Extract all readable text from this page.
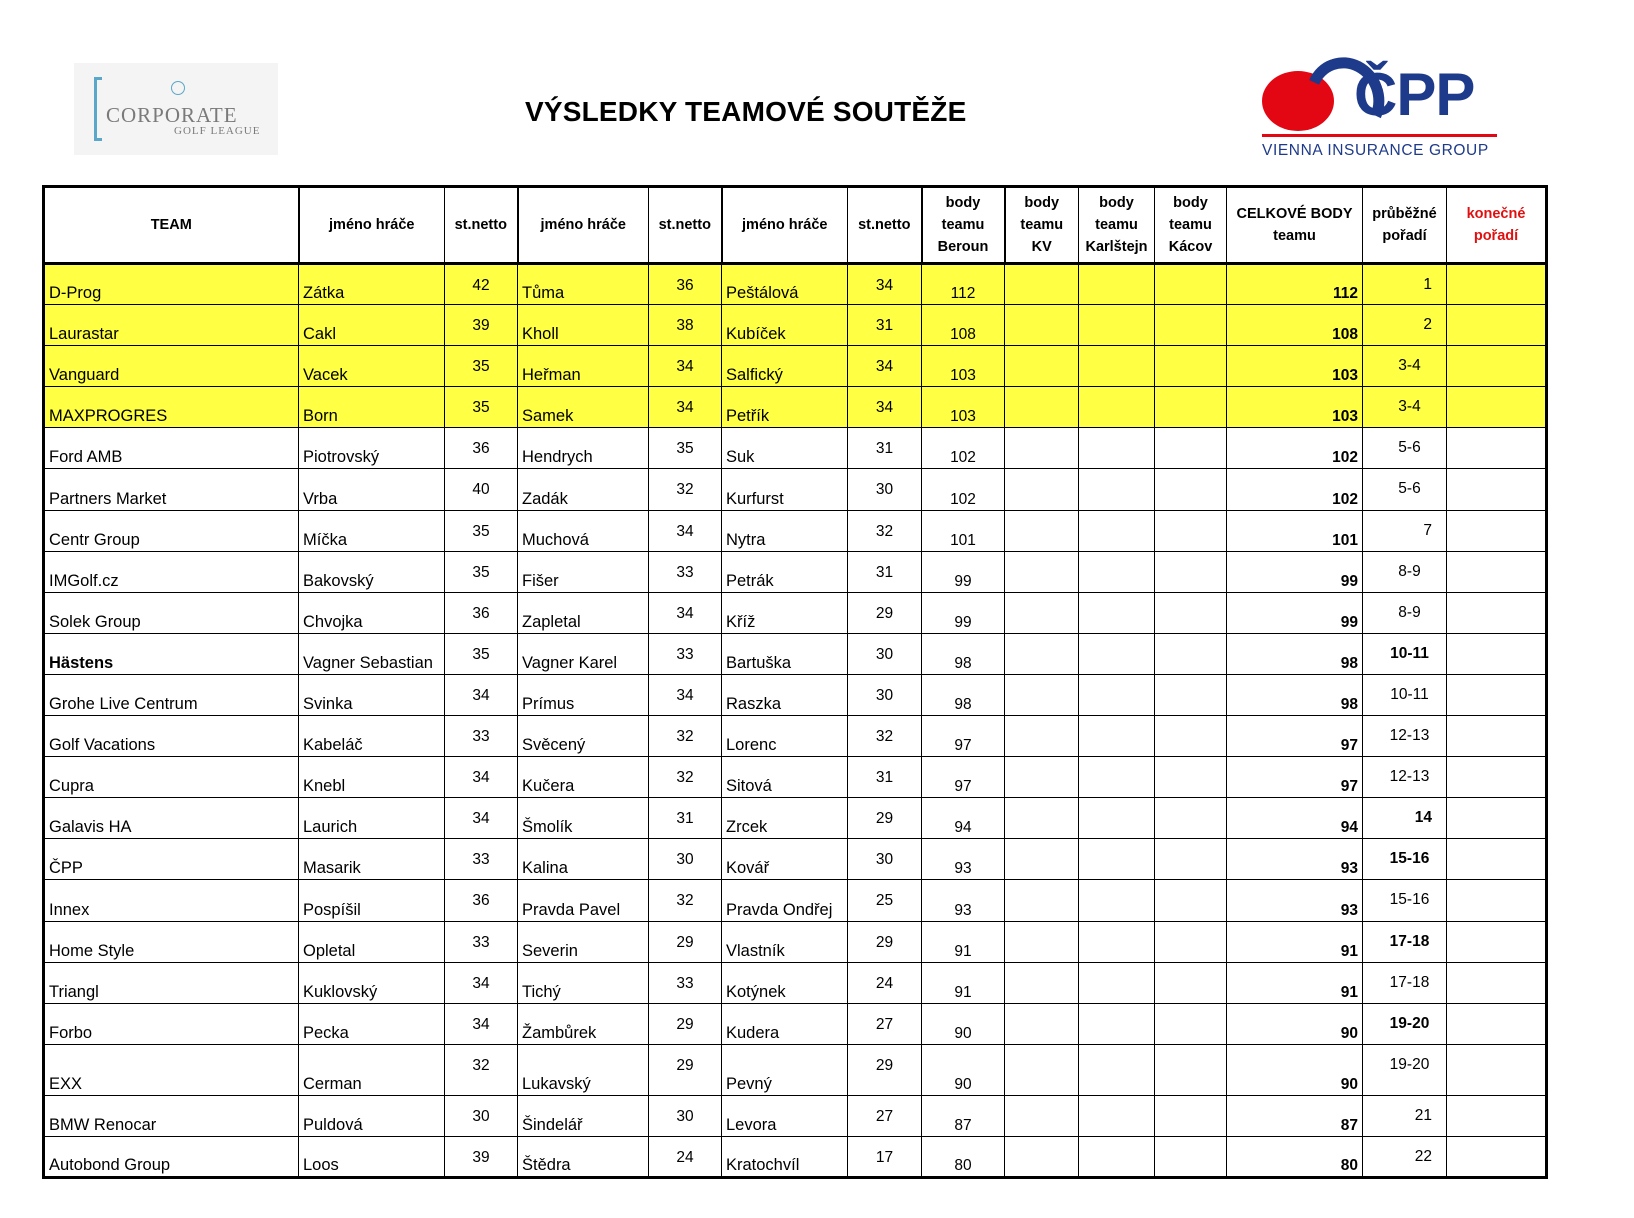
CORPORATE
GOLF LEAGUE
VÝSLEDKY TEAMOVÉ SOUTĚŽE	ČPP
VIENNA INSURANCE GROUP
TEAM	jméno hráče	st.netto	jméno hráče	st.netto	jméno hráče	st.netto	body
teamu
Beroun	body
teamu
KV	body
teamu
Karlštejn	body
teamu
Kácov	CELKOVÉ BODY
teamu	průběžné
pořadí	konečné
pořadí
D-Prog	Zátka	42	Tůma	36	Peštálová	34	112				112	1	
Laurastar	Cakl	39	Kholl	38	Kubíček	31	108				108	2	
Vanguard	Vacek	35	Heřman	34	Salfický	34	103				103	3-4	
MAXPROGRES	Born	35	Samek	34	Petřík	34	103				103	3-4	
Ford AMB	Piotrovský	36	Hendrych	35	Suk	31	102				102	5-6	
Partners Market	Vrba	40	Zadák	32	Kurfurst	30	102				102	5-6	
Centr Group	Míčka	35	Muchová	34	Nytra	32	101				101	7	
IMGolf.cz	Bakovský	35	Fišer	33	Petrák	31	99				99	8-9	
Solek Group	Chvojka	36	Zapletal	34	Kříž	29	99				99	8-9	
Hästens	Vagner Sebastian	35	Vagner Karel	33	Bartuška	30	98				98	10-11	
Grohe Live Centrum	Svinka	34	Prímus	34	Raszka	30	98				98	10-11	
Golf Vacations	Kabeláč	33	Svěcený	32	Lorenc	32	97				97	12-13	
Cupra	Knebl	34	Kučera	32	Sitová	31	97				97	12-13	
Galavis HA	Laurich	34	Šmolík	31	Zrcek	29	94				94	14	
ČPP	Masarik	33	Kalina	30	Kovář	30	93				93	15-16	
Innex	Pospíšil	36	Pravda Pavel	32	Pravda Ondřej	25	93				93	15-16	
Home Style	Opletal	33	Severin	29	Vlastník	29	91				91	17-18	
Triangl	Kuklovský	34	Tichý	33	Kotýnek	24	91				91	17-18	
Forbo	Pecka	34	Žambůrek	29	Kudera	27	90				90	19-20	
EXX	Cerman	32	Lukavský	29	Pevný	29	90				90	19-20	
BMW Renocar	Puldová	30	Šindelář	30	Levora	27	87				87	21	
Autobond Group	Loos	39	Štědra	24	Kratochvíl	17	80				80	22	
